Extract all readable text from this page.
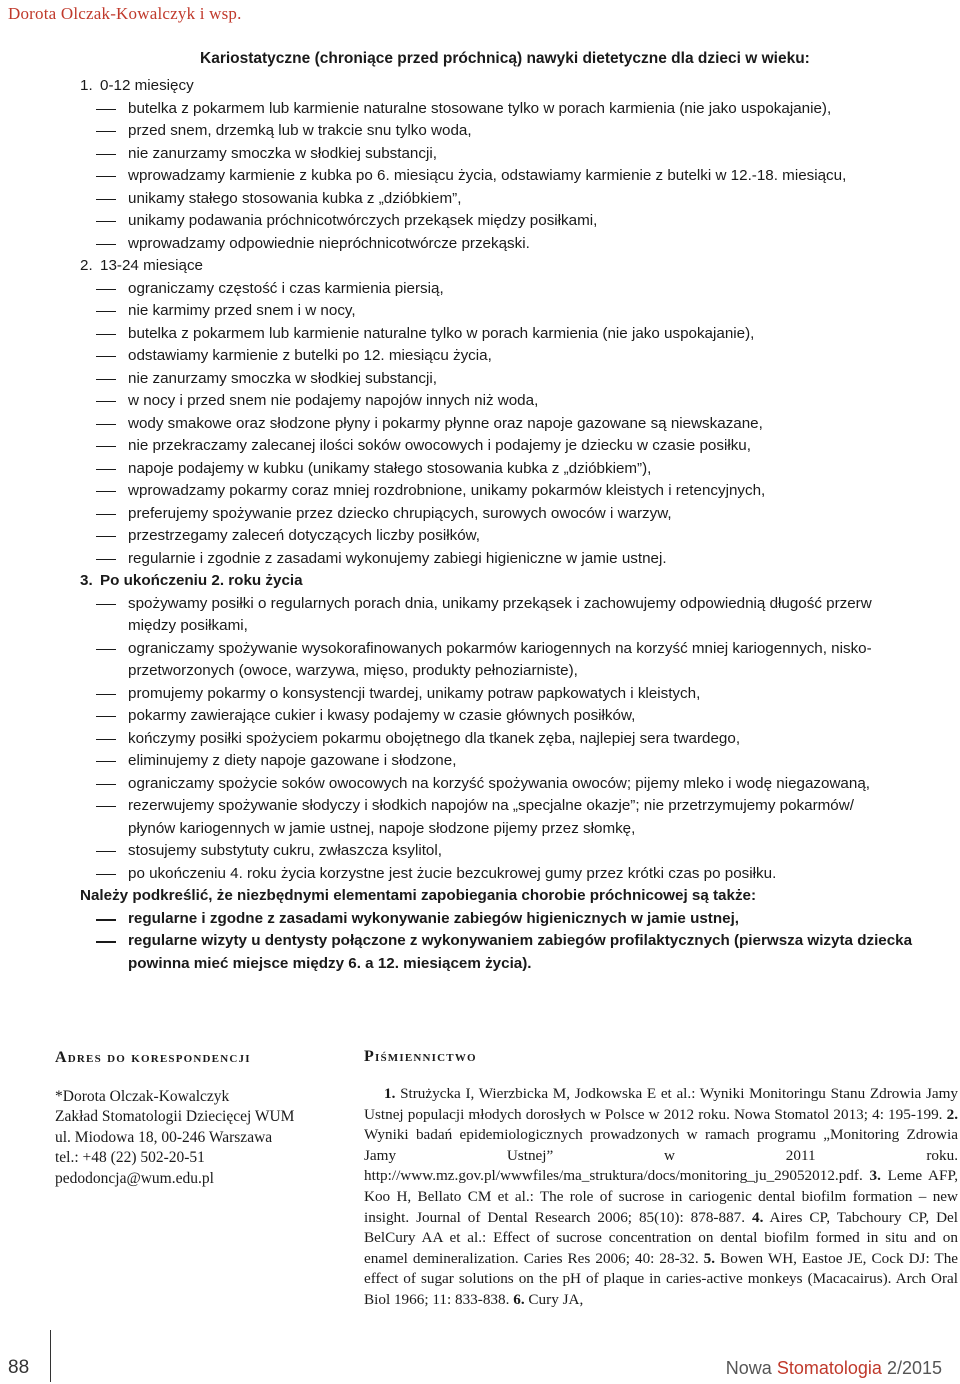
Dorota Olczak-Kowalczyk i wsp.
Kariostatyczne (chroniące przed próchnicą) nawyki dietetyczne dla dzieci w wieku:
1. 0-12 miesięcy
butelka z pokarmem lub karmienie naturalne stosowane tylko w porach karmienia (nie jako uspokajanie),
przed snem, drzemką lub w trakcie snu tylko woda,
nie zanurzamy smoczka w słodkiej substancji,
wprowadzamy karmienie z kubka po 6. miesiącu życia, odstawiamy karmienie z butelki w 12.-18. miesiącu,
unikamy stałego stosowania kubka z „dzióbkiem”,
unikamy podawania próchnicotwórczych przekąsek między posiłkami,
wprowadzamy odpowiednie niepróchnicotwórcze przekąski.
2. 13-24 miesiące
ograniczamy częstość i czas karmienia piersią,
nie karmimy przed snem i w nocy,
butelka z pokarmem lub karmienie naturalne tylko w porach karmienia (nie jako uspokajanie),
odstawiamy karmienie z butelki po 12. miesiącu życia,
nie zanurzamy smoczka w słodkiej substancji,
w nocy i przed snem nie podajemy napojów innych niż woda,
wody smakowe oraz słodzone płyny i pokarmy płynne oraz napoje gazowane są niewskazane,
nie przekraczamy zalecanej ilości soków owocowych i podajemy je dziecku w czasie posiłku,
napoje podajemy w kubku (unikamy stałego stosowania kubka z „dzióbkiem”),
wprowadzamy pokarmy coraz mniej rozdrobnione, unikamy pokarmów kleistych i retencyjnych,
preferujemy spożywanie przez dziecko chrupiących, surowych owoców i warzyw,
przestrzegamy zaleceń dotyczących liczby posiłków,
regularnie i zgodnie z zasadami wykonujemy zabiegi higieniczne w jamie ustnej.
3. Po ukończeniu 2. roku życia
spożywamy posiłki o regularnych porach dnia, unikamy przekąsek i zachowujemy odpowiednią długość przerw
między posiłkami,
ograniczamy spożywanie wysokorafinowanych pokarmów kariogennych na korzyść mniej kariogennych, nisko-
przetworzonych (owoce, warzywa, mięso, produkty pełnoziarniste),
promujemy pokarmy o konsystencji twardej, unikamy potraw papkowatych i kleistych,
pokarmy zawierające cukier i kwasy podajemy w czasie głównych posiłków,
kończymy posiłki spożyciem pokarmu obojętnego dla tkanek zęba, najlepiej sera twardego,
eliminujemy z diety napoje gazowane i słodzone,
ograniczamy spożycie soków owocowych na korzyść spożywania owoców; pijemy mleko i wodę niegazowaną,
rezerwujemy spożywanie słodyczy i słodkich napojów na „specjalne okazje”; nie przetrzymujemy pokarmów/
płynów kariogennych w jamie ustnej, napoje słodzone pijemy przez słomkę,
stosujemy substytuty cukru, zwłaszcza ksylitol,
po ukończeniu 4. roku życia korzystne jest żucie bezcukrowej gumy przez krótki czas po posiłku.
Należy podkreślić, że niezbędnymi elementami zapobiegania chorobie próchnicowej są także:
regularne i zgodne z zasadami wykonywanie zabiegów higienicznych w jamie ustnej,
regularne wizyty u dentysty połączone z wykonywaniem zabiegów profilaktycznych (pierwsza wizyta dziecka
powinna mieć miejsce między 6. a 12. miesiącem życia).
Adres do korespondencji
*Dorota Olczak-Kowalczyk
Zakład Stomatologii Dziecięcej WUM
ul. Miodowa 18, 00-246 Warszawa
tel.: +48 (22) 502-20-51
pedodoncja@wum.edu.pl
Piśmiennictwo
1. Strużycka I, Wierzbicka M, Jodkowska E et al.: Wyniki Monitoringu Stanu Zdrowia Jamy Ustnej populacji młodych dorosłych w Polsce w 2012 roku. Nowa Stomatol 2013; 4: 195-199. 2. Wyniki badań epidemiologicznych prowadzonych w ramach programu „Monitoring Zdrowia Jamy Ustnej” w 2011 roku. http://www.mz.gov.pl/wwwfiles/ma_struktura/docs/monitoring_ju_29052012.pdf. 3. Leme AFP, Koo H, Bellato CM et al.: The role of sucrose in cariogenic dental biofilm formation – new insight. Journal of Dental Research 2006; 85(10): 878-887. 4. Aires CP, Tabchoury CP, Del BelCury AA et al.: Effect of sucrose concentration on dental biofilm formed in situ and on enamel demineralization. Caries Res 2006; 40: 28-32. 5. Bowen WH, Eastoe JE, Cock DJ: The effect of sugar solutions on the pH of plaque in caries-active monkeys (Macacairus). Arch Oral Biol 1966; 11: 833-838. 6. Cury JA,
88	Nowa Stomatologia 2/2015
